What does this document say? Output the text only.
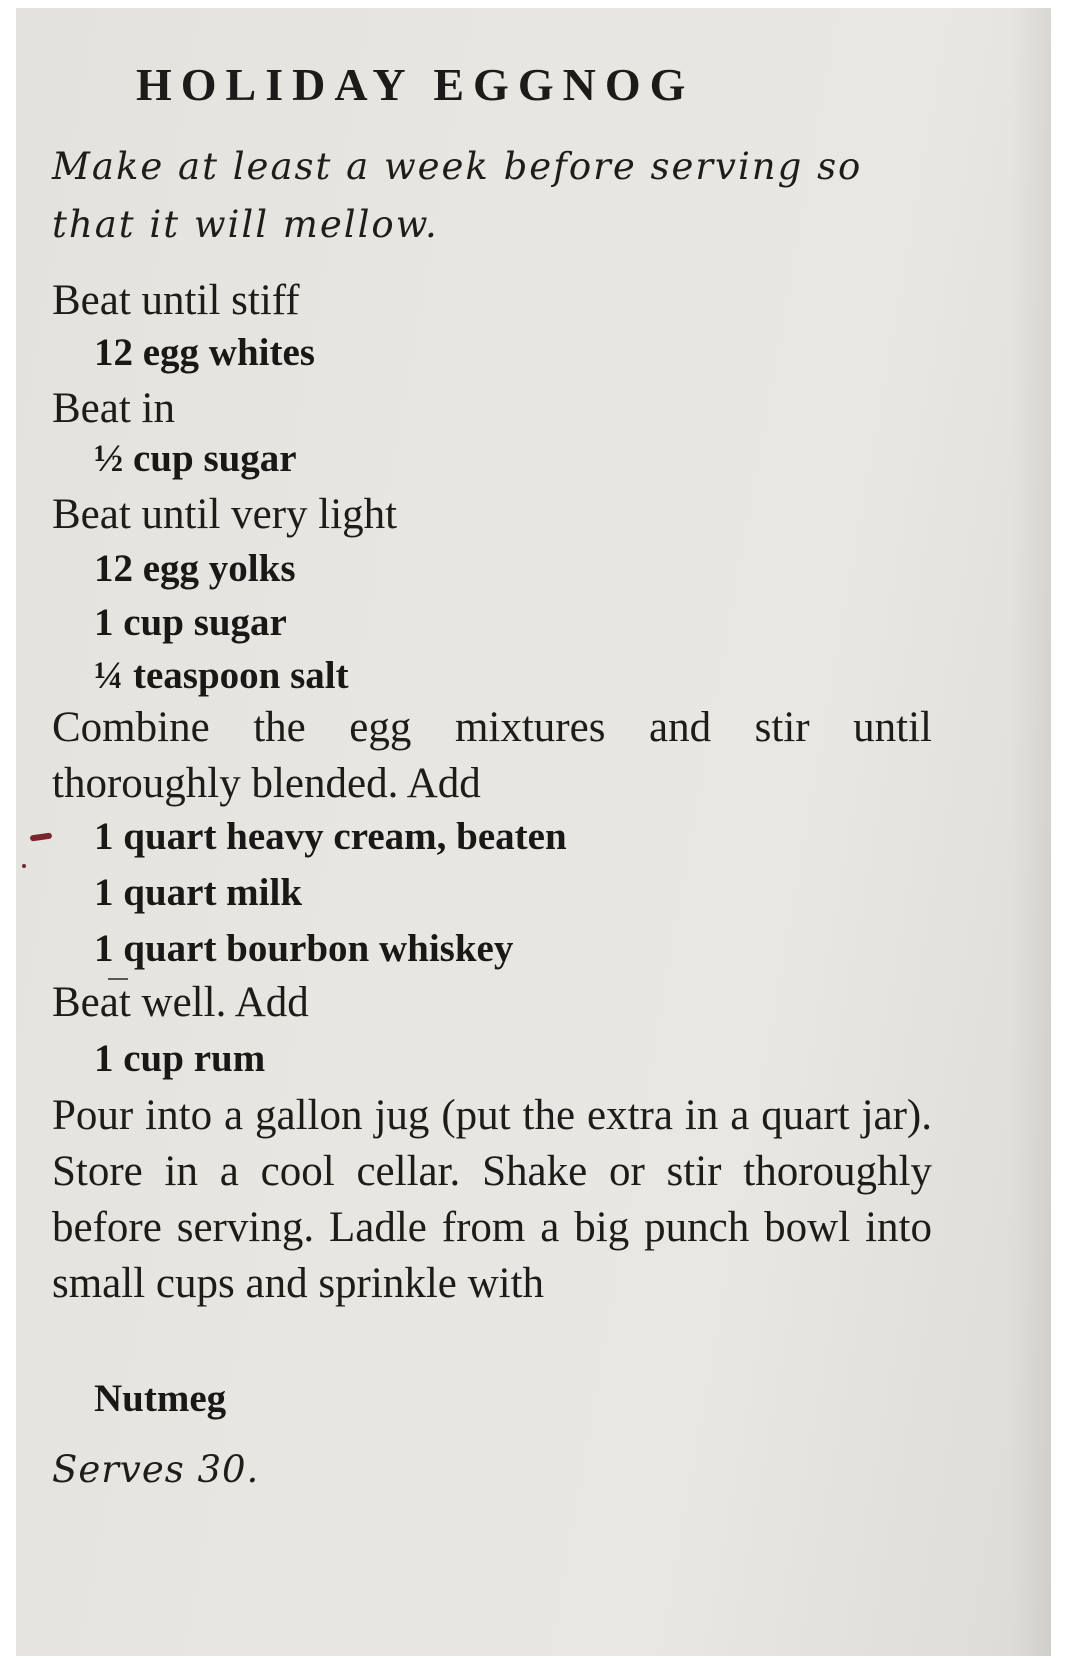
HOLIDAY EGGNOG
Make at least a week before serving so that it will mellow.
Beat until stiff
12 egg whites
Beat in
½ cup sugar
Beat until very light
12 egg yolks
1 cup sugar
¼ teaspoon salt
Combine the egg mixtures and stir until thoroughly blended. Add
1 quart heavy cream, beaten
1 quart milk
1 quart bourbon whiskey
Beat well. Add
1 cup rum
Pour into a gallon jug (put the extra in a quart jar). Store in a cool cellar. Shake or stir thoroughly before serving. Ladle from a big punch bowl into small cups and sprinkle with
Nutmeg
Serves 30.
